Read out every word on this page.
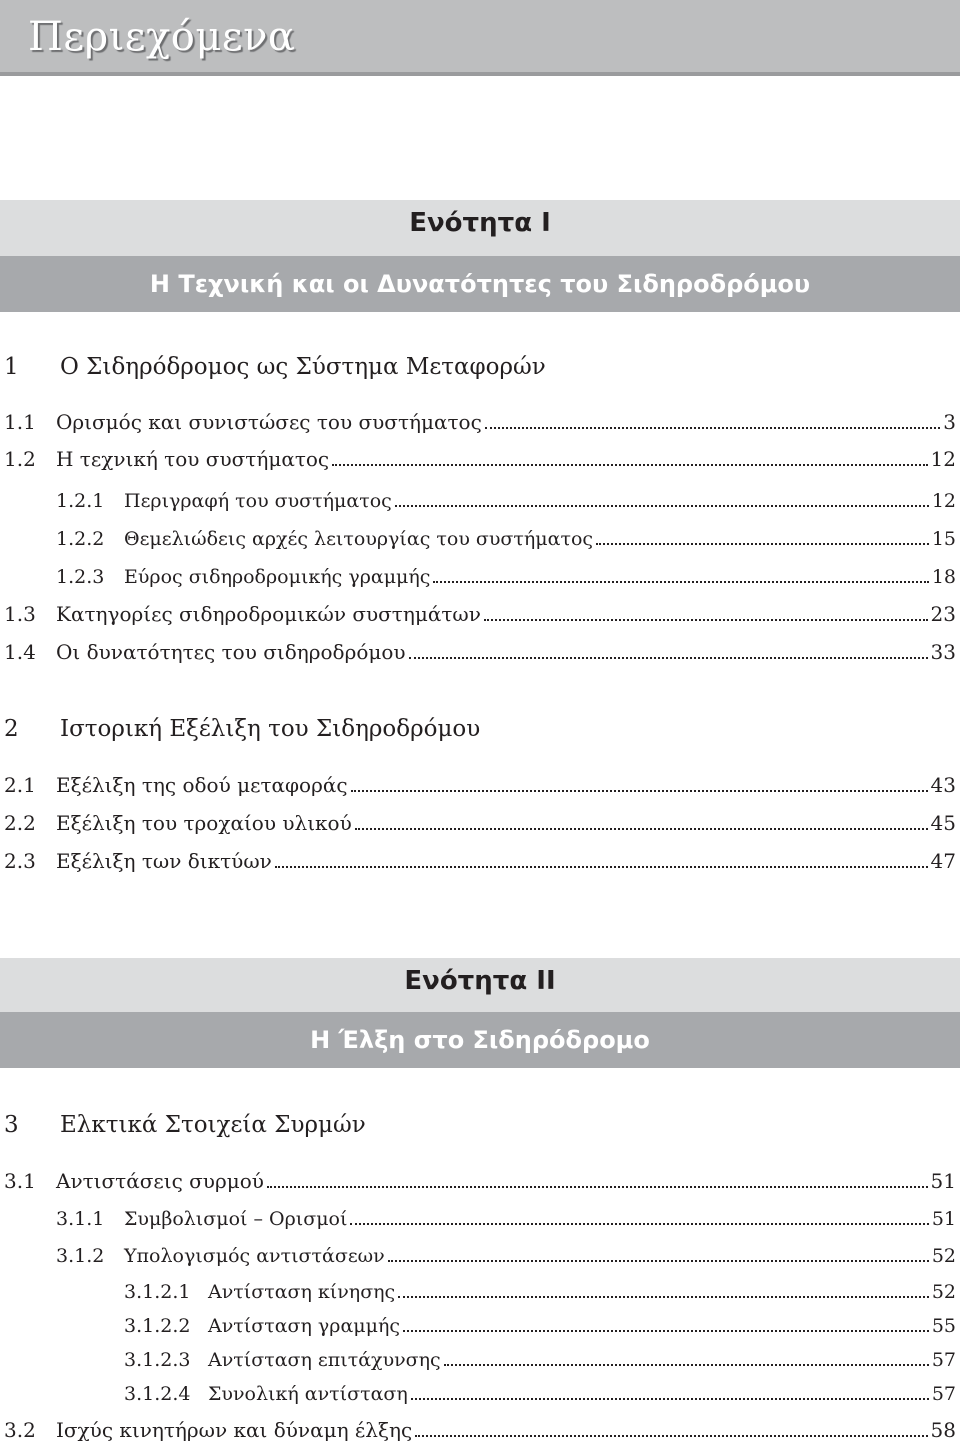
Περιεχόμενα
Ενότητα Ι
Η Τεχνική και οι Δυνατότητες του Σιδηροδρόμου
1 Ο Σιδηρόδρομος ως Σύστημα Μεταφορών
1.1	Ορισμός και συνιστώσες του συστήματος	3
1.2	Η τεχνική του συστήματος	12
1.2.1	Περιγραφή του συστήματος	12
1.2.2	Θεμελιώδεις αρχές λειτουργίας του συστήματος	15
1.2.3	Εύρος σιδηροδρομικής γραμμής	18
1.3	Κατηγορίες σιδηροδρομικών συστημάτων	23
1.4	Οι δυνατότητες του σιδηροδρόμου	33
2 Ιστορική Εξέλιξη του Σιδηροδρόμου
2.1	Εξέλιξη της οδού μεταφοράς	43
2.2	Εξέλιξη του τροχαίου υλικού	45
2.3	Εξέλιξη των δικτύων	47
Ενότητα ΙΙ
Η Έλξη στο Σιδηρόδρομο
3 Ελκτικά Στοιχεία Συρμών
3.1	Αντιστάσεις συρμού	51
3.1.1	Συμβολισμοί – Ορισμοί	51
3.1.2	Υπολογισμός αντιστάσεων	52
3.1.2.1 Αντίσταση κίνησης	52
3.1.2.2 Αντίσταση γραμμής	55
3.1.2.3 Αντίσταση επιτάχυνσης	57
3.1.2.4 Συνολική αντίσταση	57
3.2	Ισχύς κινητήρων και δύναμη έλξης	58
